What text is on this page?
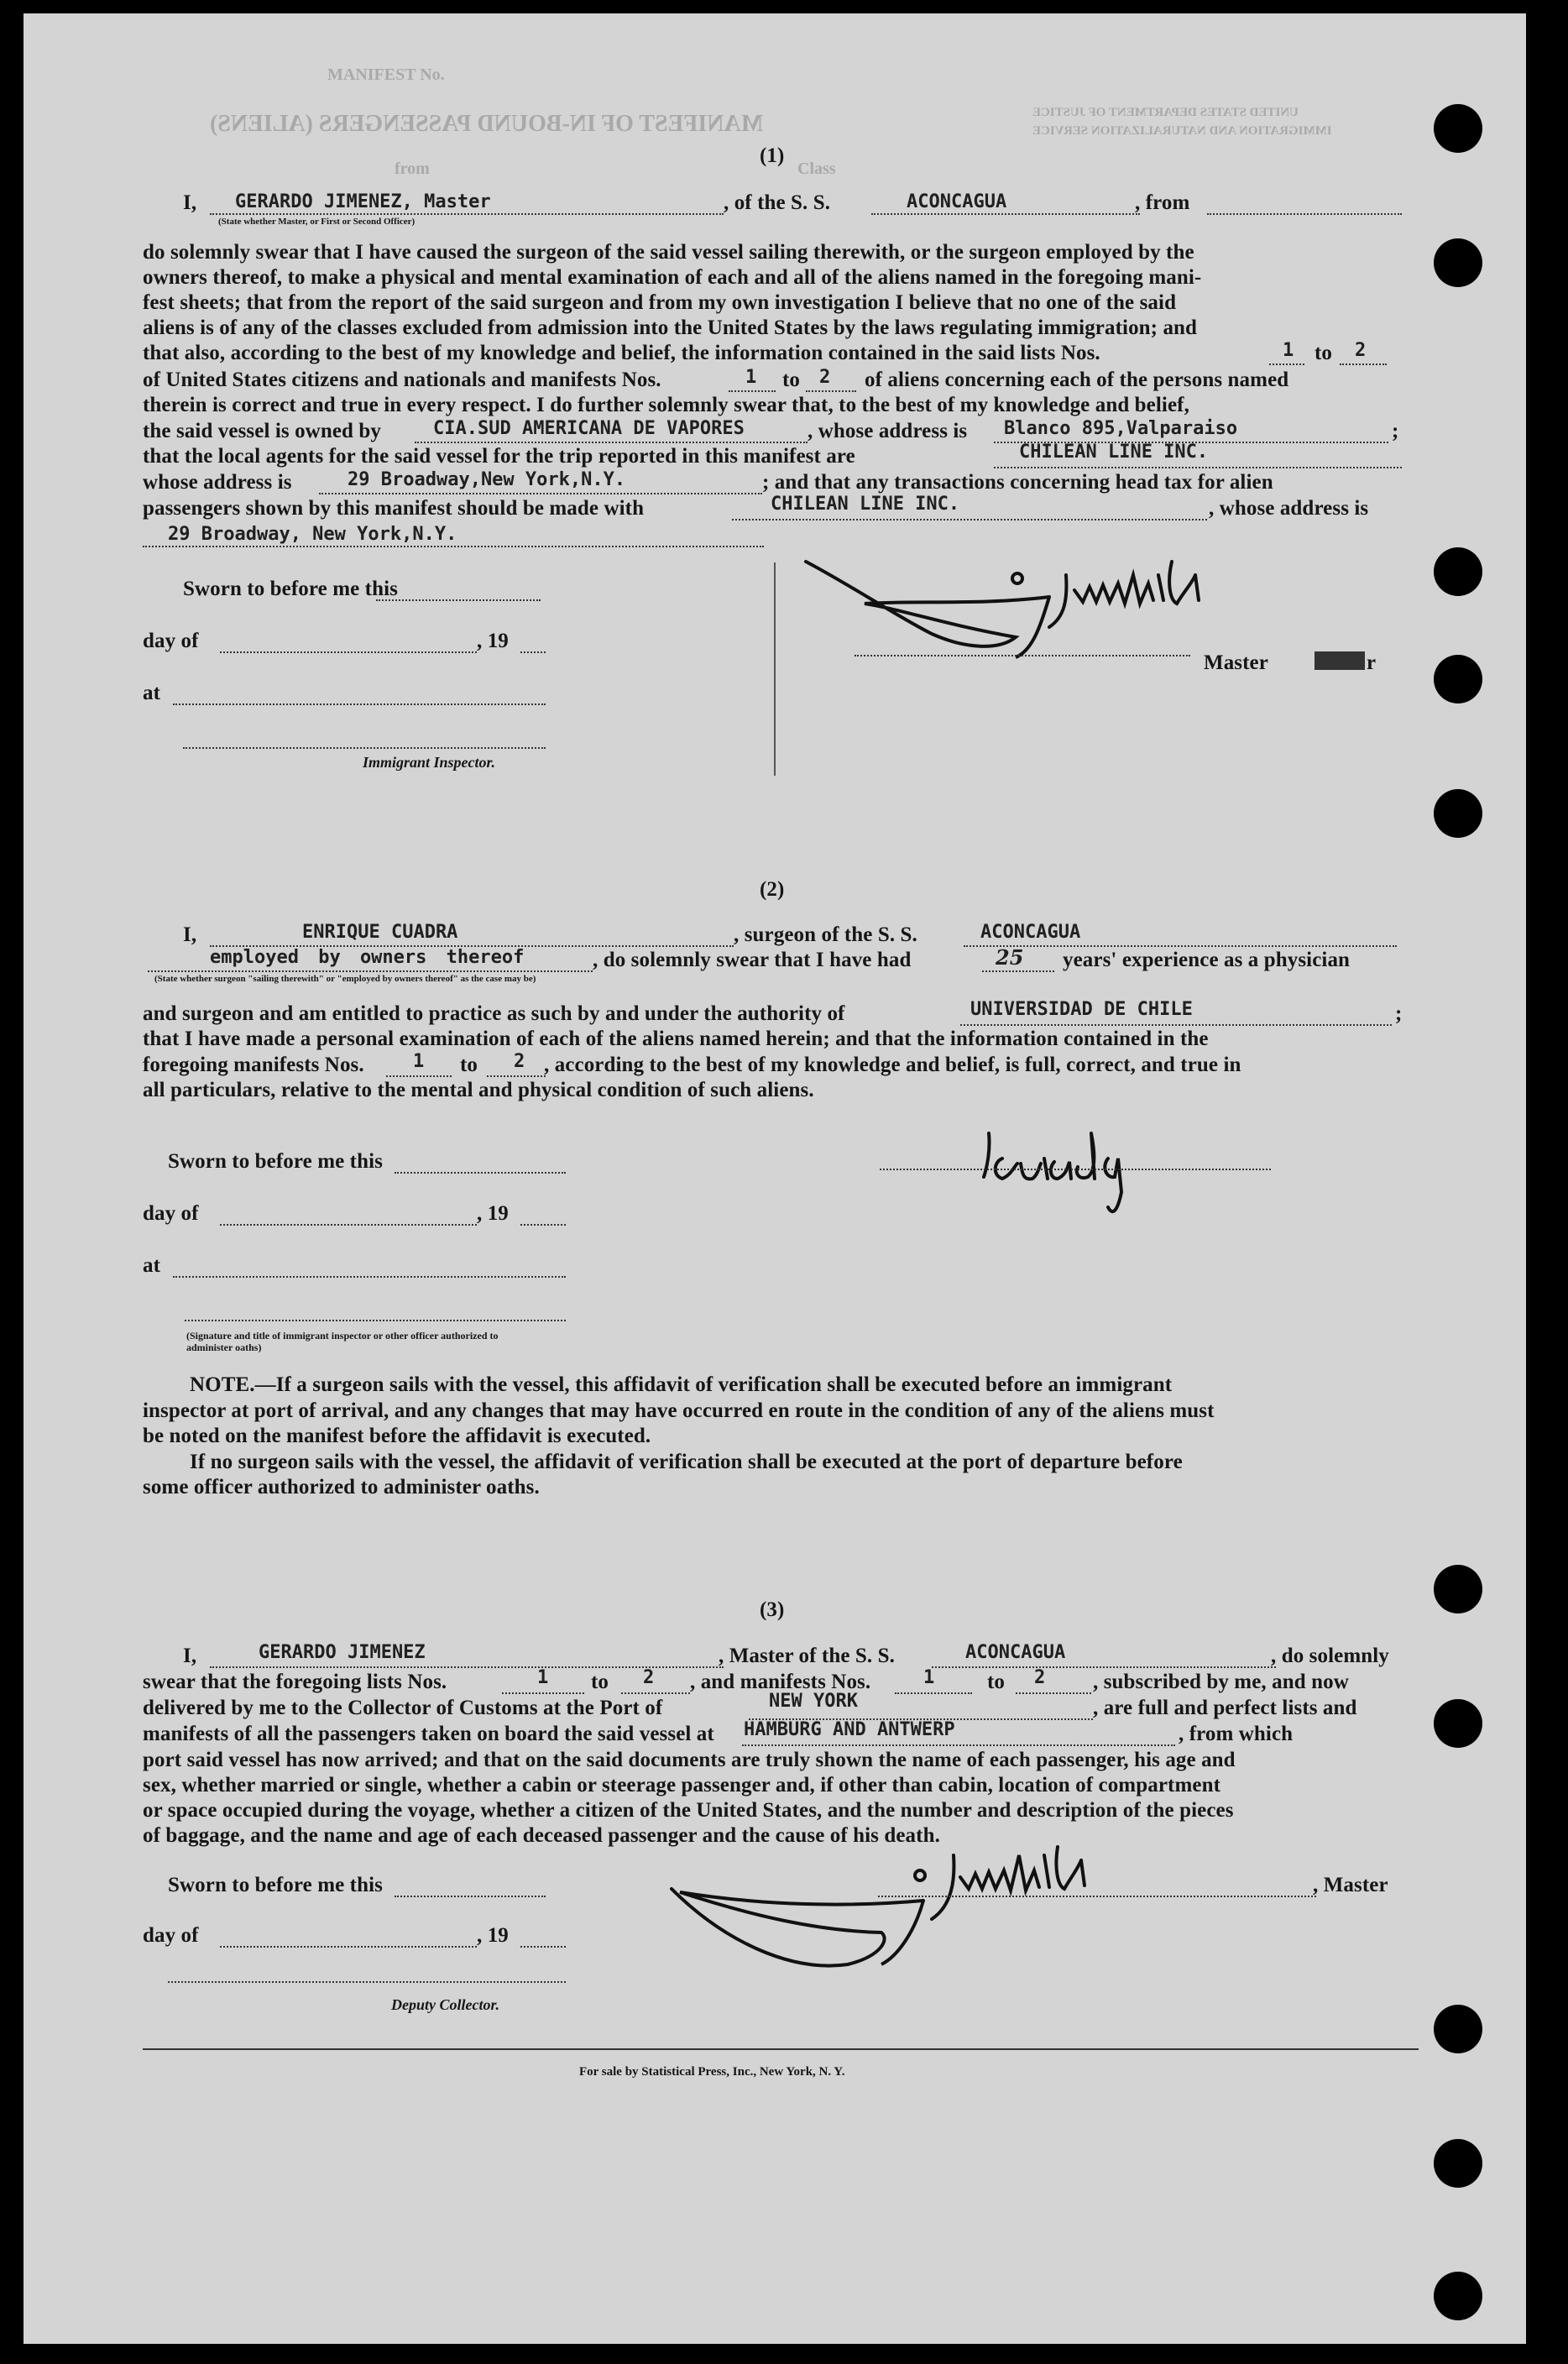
MANIFEST No.
MANIFEST OF IN-BOUND PASSENGERS (ALIENS)
Class
from
UNITED STATES DEPARTMENT OF JUSTICE
IMMIGRATION AND NATURALIZATION SERVICE
(1)
I, GERARDO JIMENEZ, Master	, of the S. S.	ACONCAGUA	, from
(State whether Master, or First or Second Officer)
do solemnly swear that I have caused the surgeon of the said vessel sailing therewith, or the surgeon employed by the
owners thereof, to make a physical and mental examination of each and all of the aliens named in the foregoing mani-
fest sheets; that from the report of the said surgeon and from my own investigation I believe that no one of the said
aliens is of any of the classes excluded from admission into the United States by the laws regulating immigration; and
that also, according to the best of my knowledge and belief, the information contained in the said lists Nos.	1 to 2
of United States citizens and nationals and manifests Nos.	1 to 2 of aliens concerning each of the persons named
therein is correct and true in every respect. I do further solemnly swear that, to the best of my knowledge and belief,
the said vessel is owned by	CIA.SUD AMERICANA DE VAPORES	, whose address is Blanco 895,Valparaiso	;
that the local agents for the said vessel for the trip reported in this manifest are	CHILEAN LINE INC.
whose address is	29 Broadway,New York,N.Y.	; and that any transactions concerning head tax for alien
passengers shown by this manifest should be made with	CHILEAN LINE INC.	, whose address is
29 Broadway, New York,N.Y.
Sworn to before me this
day of	, 19
at
Immigrant Inspector.
Master	r
(2)
I,	ENRIQUE CUADRA	, surgeon of the S. S.	ACONCAGUA
employed by owners thereof	, do solemnly swear that I have had	25 years' experience as a physician
(State whether surgeon "sailing therewith" or "employed by owners thereof" as the case may be)
and surgeon and am entitled to practice as such by and under the authority of	UNIVERSIDAD DE CHILE	;
that I have made a personal examination of each of the aliens named herein; and that the information contained in the
foregoing manifests Nos.	1 to 2 , according to the best of my knowledge and belief, is full, correct, and true in
all particulars, relative to the mental and physical condition of such aliens.
Sworn to before me this
day of	, 19
at
(Signature and title of immigrant inspector or other officer authorized to administer oaths)
NOTE.—If a surgeon sails with the vessel, this affidavit of verification shall be executed before an immigrant
inspector at port of arrival, and any changes that may have occurred en route in the condition of any of the aliens must
be noted on the manifest before the affidavit is executed.
If no surgeon sails with the vessel, the affidavit of verification shall be executed at the port of departure before
some officer authorized to administer oaths.
(3)
I,	GERARDO JIMENEZ	, Master of the S. S.	ACONCAGUA	, do solemnly
swear that the foregoing lists Nos.	1 to 2 , and manifests Nos.	1	to 2 , subscribed by me, and now
delivered by me to the Collector of Customs at the Port of	NEW YORK	, are full and perfect lists and
manifests of all the passengers taken on board the said vessel at HAMBURG AND ANTWERP	, from which
port said vessel has now arrived; and that on the said documents are truly shown the name of each passenger, his age and
sex, whether married or single, whether a cabin or steerage passenger and, if other than cabin, location of compartment
or space occupied during the voyage, whether a citizen of the United States, and the number and description of the pieces
of baggage, and the name and age of each deceased passenger and the cause of his death.
Sworn to before me this	, Master
day of	, 19
Deputy Collector.
For sale by Statistical Press, Inc., New York, N. Y.
